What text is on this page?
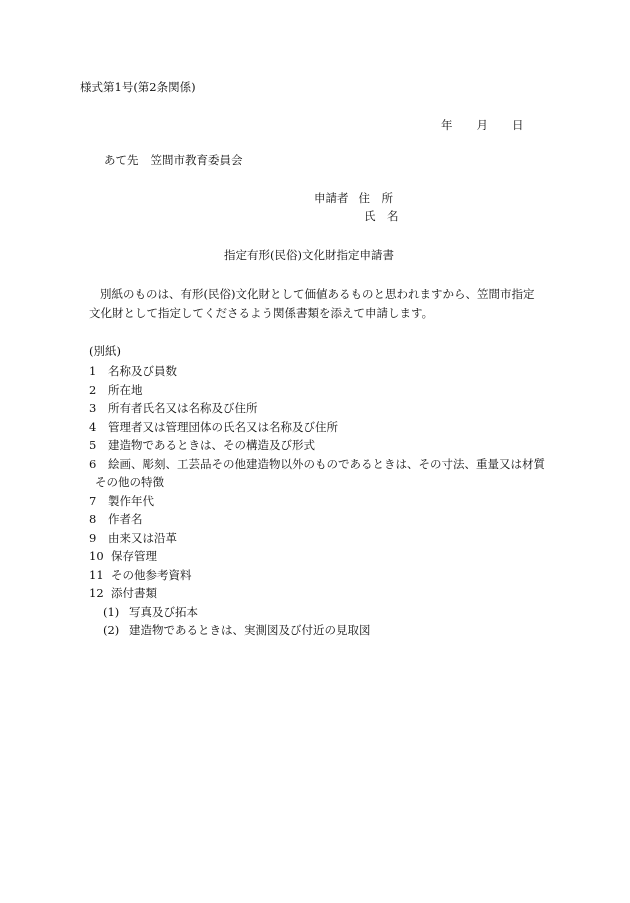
様式第1号(第2条関係)
年 月 日
あて先 笠間市教育委員会
申請者 住　所
氏　名
指定有形(民俗)文化財指定申請書
別紙のものは、有形(民俗)文化財として価値あるものと思われますから、笠間市指定
文化財として指定してくださるよう関係書類を添えて申請します。
(別紙)
1 名称及び員数
2 所在地
3 所有者氏名又は名称及び住所
4 管理者又は管理団体の氏名又は名称及び住所
5 建造物であるときは、その構造及び形式
6 絵画、彫刻、工芸品その他建造物以外のものであるときは、その寸法、重量又は材質
その他の特徴
7 製作年代
8 作者名
9 由来又は沿革
10 保存管理
11 その他参考資料
12 添付書類
(1) 写真及び拓本
(2) 建造物であるときは、実測図及び付近の見取図
